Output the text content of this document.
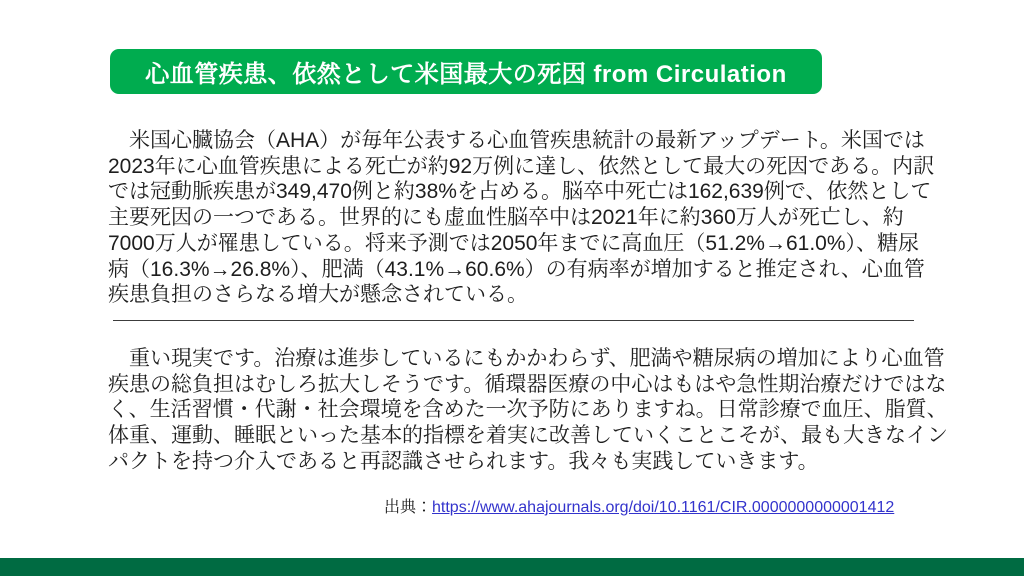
心血管疾患、依然として米国最大の死因 from Circulation
　米国心臓協会（AHA）が毎年公表する心血管疾患統計の最新アップデート。米国では
2023年に心血管疾患による死亡が約92万例に達し、依然として最大の死因である。内訳
では冠動脈疾患が349,470例と約38%を占める。脳卒中死亡は162,639例で、依然として
主要死因の一つである。世界的にも虚血性脳卒中は2021年に約360万人が死亡し、約
7000万人が罹患している。将来予測では2050年までに高血圧（51.2%→61.0%）、糖尿
病（16.3%→26.8%）、肥満（43.1%→60.6%）の有病率が増加すると推定され、心血管
疾患負担のさらなる増大が懸念されている。
　重い現実です。治療は進歩しているにもかかわらず、肥満や糖尿病の増加により心血管
疾患の総負担はむしろ拡大しそうです。循環器医療の中心はもはや急性期治療だけではな
く、生活習慣・代謝・社会環境を含めた一次予防にありますね。日常診療で血圧、脂質、
体重、運動、睡眠といった基本的指標を着実に改善していくことこそが、最も大きなイン
パクトを持つ介入であると再認識させられます。我々も実践していきます。
出典：https://www.ahajournals.org/doi/10.1161/CIR.0000000000001412
